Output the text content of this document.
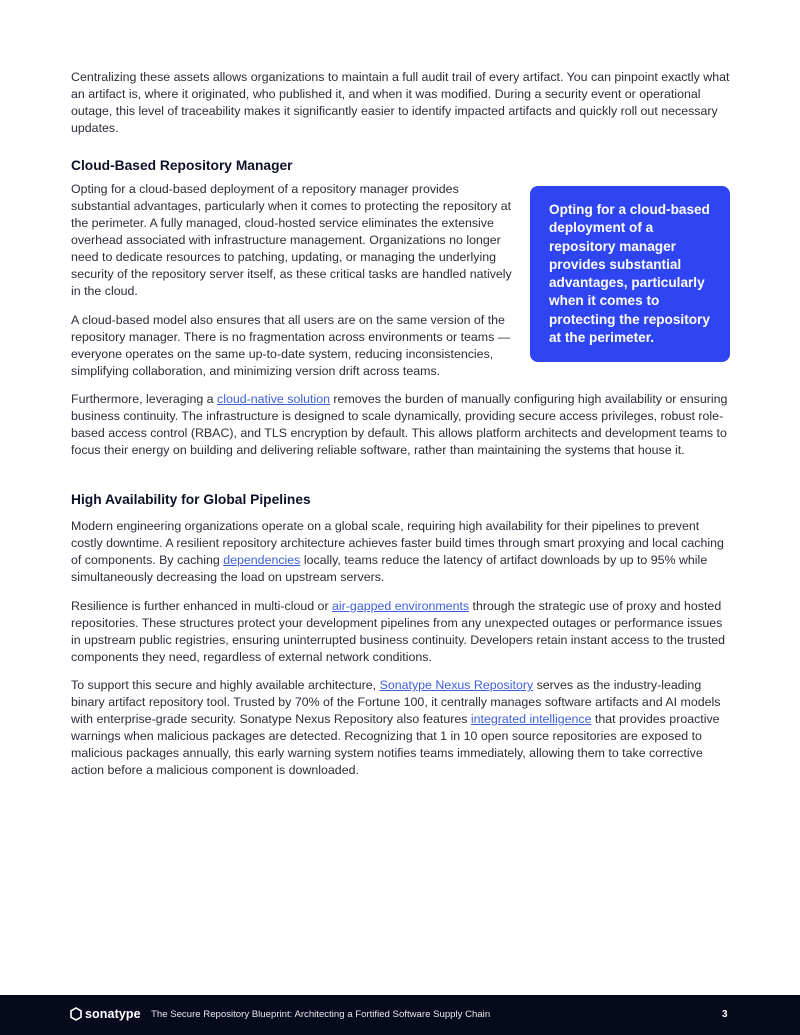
Centralizing these assets allows organizations to maintain a full audit trail of every artifact. You can pinpoint exactly what an artifact is, where it originated, who published it, and when it was modified. During a security event or operational outage, this level of traceability makes it significantly easier to identify impacted artifacts and quickly roll out necessary updates.

Cloud-Based Repository Manager

Opting for a cloud-based deployment of a repository manager provides substantial advantages, particularly when it comes to protecting the repository at the perimeter. A fully managed, cloud-hosted service eliminates the extensive overhead associated with infrastructure management. Organizations no longer need to dedicate resources to patching, updating, or managing the underlying security of the repository server itself, as these critical tasks are handled natively in the cloud.

A cloud-based model also ensures that all users are on the same version of the repository manager. There is no fragmentation across environments or teams — everyone operates on the same up-to-date system, reducing inconsistencies, simplifying collaboration, and minimizing version drift across teams.

Opting for a cloud-based deployment of a repository manager provides substantial advantages, particularly when it comes to protecting the repository at the perimeter.

Furthermore, leveraging a cloud-native solution removes the burden of manually configuring high availability or ensuring business continuity. The infrastructure is designed to scale dynamically, providing secure access privileges, robust role-based access control (RBAC), and TLS encryption by default. This allows platform architects and development teams to focus their energy on building and delivering reliable software, rather than maintaining the systems that house it.

High Availability for Global Pipelines

Modern engineering organizations operate on a global scale, requiring high availability for their pipelines to prevent costly downtime. A resilient repository architecture achieves faster build times through smart proxying and local caching of components. By caching dependencies locally, teams reduce the latency of artifact downloads by up to 95% while simultaneously decreasing the load on upstream servers.

Resilience is further enhanced in multi-cloud or air-gapped environments through the strategic use of proxy and hosted repositories. These structures protect your development pipelines from any unexpected outages or performance issues in upstream public registries, ensuring uninterrupted business continuity. Developers retain instant access to the trusted components they need, regardless of external network conditions.

To support this secure and highly available architecture, Sonatype Nexus Repository serves as the industry-leading binary artifact repository tool. Trusted by 70% of the Fortune 100, it centrally manages software artifacts and AI models with enterprise-grade security. Sonatype Nexus Repository also features integrated intelligence that provides proactive warnings when malicious packages are detected. Recognizing that 1 in 10 open source repositories are exposed to malicious packages annually, this early warning system notifies teams immediately, allowing them to take corrective action before a malicious component is downloaded.

sonatype The Secure Repository Blueprint: Architecting a Fortified Software Supply Chain	3
